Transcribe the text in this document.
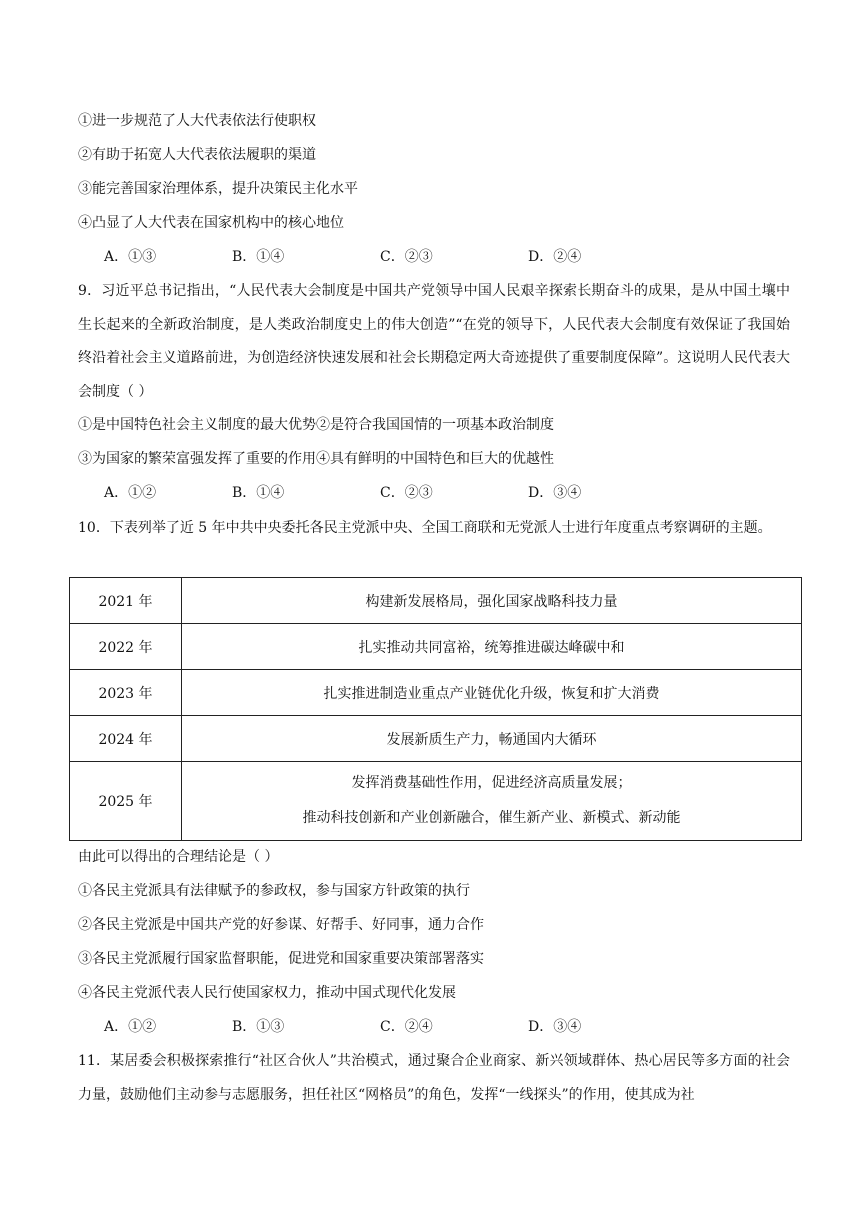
①进一步规范了人大代表依法行使职权
②有助于拓宽人大代表依法履职的渠道
③能完善国家治理体系，提升决策民主化水平
④凸显了人大代表在国家机构中的核心地位
A．①③	B．①④	C．②③	D．②④
9．习近平总书记指出，“人民代表大会制度是中国共产党领导中国人民艰辛探索长期奋斗的成果，是从中国土壤中生长起来的全新政治制度，是人类政治制度史上的伟大创造”“在党的领导下，人民代表大会制度有效保证了我国始终沿着社会主义道路前进，为创造经济快速发展和社会长期稳定两大奇迹提供了重要制度保障”。这说明人民代表大会制度（ ）
①是中国特色社会主义制度的最大优势②是符合我国国情的一项基本政治制度
③为国家的繁荣富强发挥了重要的作用④具有鲜明的中国特色和巨大的优越性
A．①②	B．①④	C．②③	D．③④
10．下表列举了近 5 年中共中央委托各民主党派中央、全国工商联和无党派人士进行年度重点考察调研的主题。
2021 年	构建新发展格局，强化国家战略科技力量
2022 年	扎实推动共同富裕，统筹推进碳达峰碳中和
2023 年	扎实推进制造业重点产业链优化升级，恢复和扩大消费
2024 年	发展新质生产力，畅通国内大循环
2025 年	发挥消费基础性作用，促进经济高质量发展；
推动科技创新和产业创新融合，催生新产业、新模式、新动能
由此可以得出的合理结论是（ ）
①各民主党派具有法律赋予的参政权，参与国家方针政策的执行
②各民主党派是中国共产党的好参谋、好帮手、好同事，通力合作
③各民主党派履行国家监督职能，促进党和国家重要决策部署落实
④各民主党派代表人民行使国家权力，推动中国式现代化发展
A．①②	B．①③	C．②④	D．③④
11．某居委会积极探索推行“社区合伙人”共治模式，通过聚合企业商家、新兴领域群体、热心居民等多方面的社会力量，鼓励他们主动参与志愿服务，担任社区“网格员”的角色，发挥“一线探头”的作用，使其成为社
